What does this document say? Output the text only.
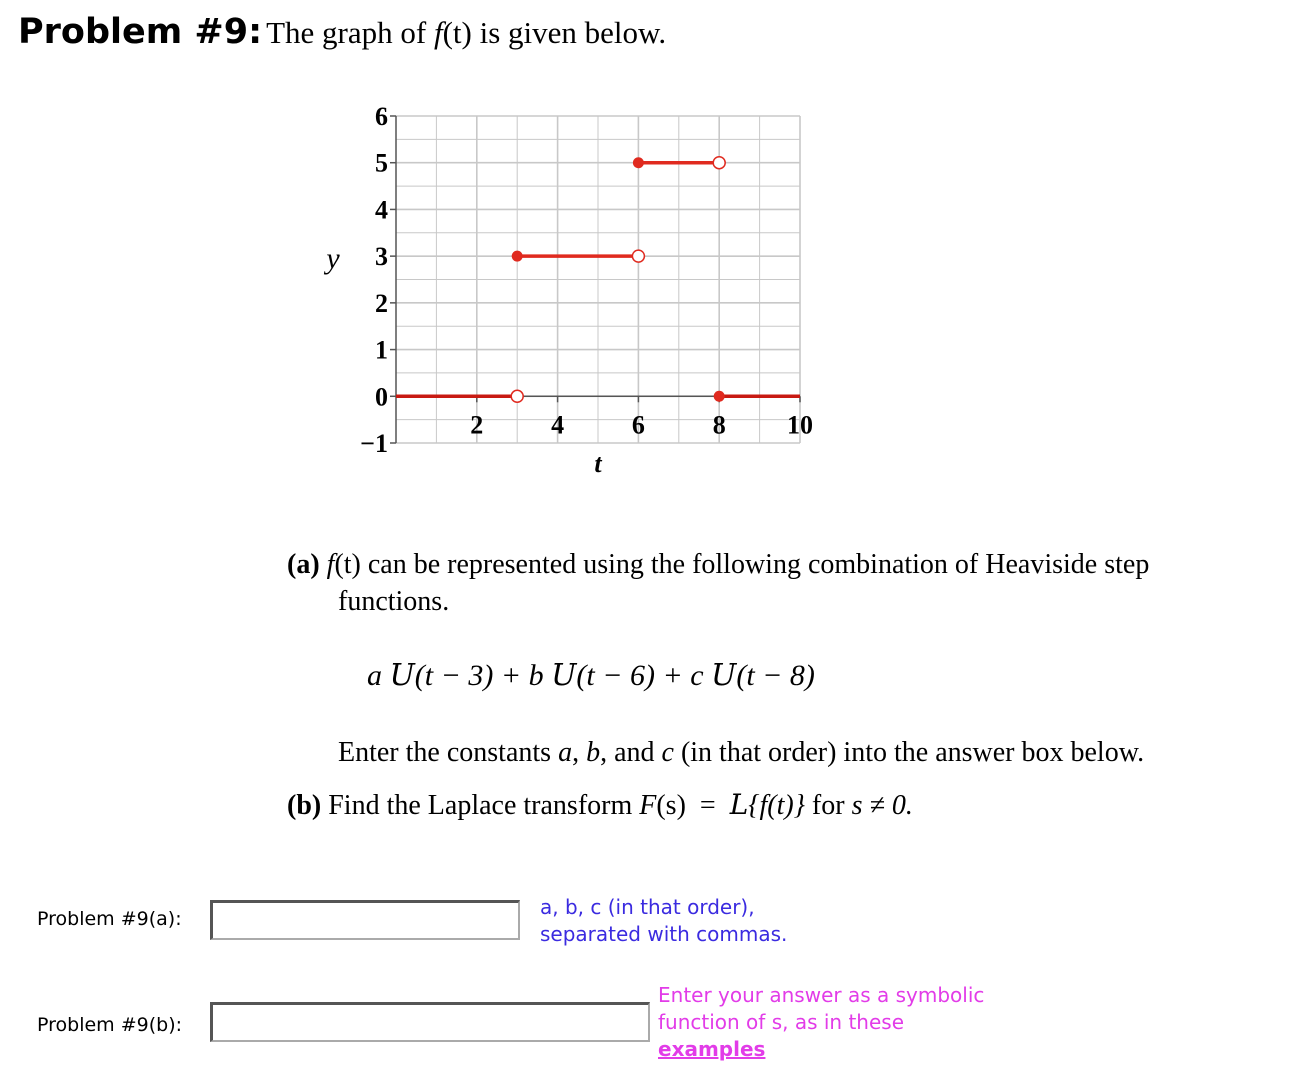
Problem #9: The graph of f(t) is given below.
6
5
4
3
2
1
0
−1
2	4	6	8 10
y
t
(a) f(t) can be represented using the following combination of Heaviside step
functions.
a U(t − 3) + b U(t − 6) + c U(t − 8)
Enter the constants a, b, and c (in that order) into the answer box below.
(b) Find the Laplace transform F(s) = L{f(t)} for s ≠ 0.
Problem #9(a):	a, b, c (in that order),
separated with commas.
Problem #9(b):
Enter your answer as a symbolic
function of s, as in these
examples
